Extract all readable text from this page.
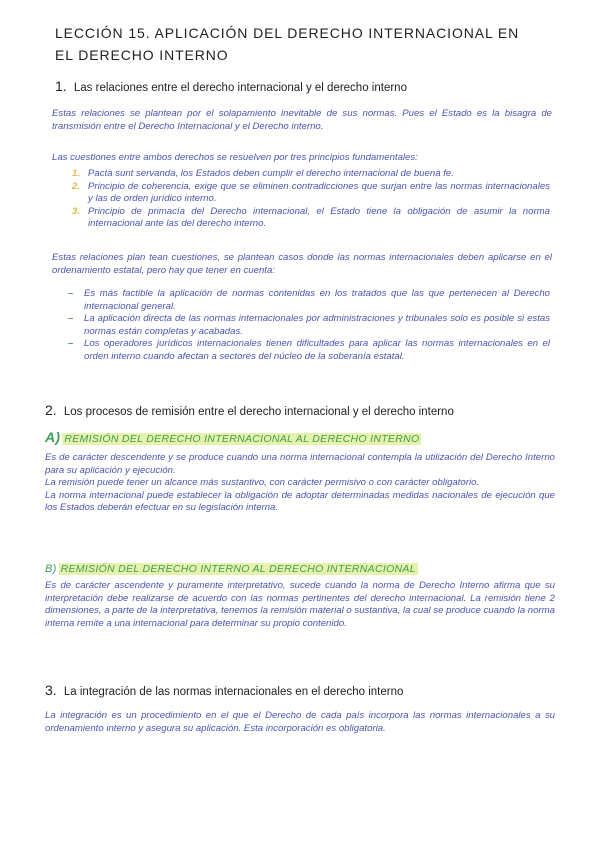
LECCIÓN 15. APLICACIÓN DEL DERECHO INTERNACIONAL EN EL DERECHO INTERNO
1. Las relaciones entre el derecho internacional y el derecho interno

Estas relaciones se plantean por el solapamiento inevitable de sus normas. Pues el Estado es la bisagra de transmisión entre el Derecho Internacional y el Derecho interno.

Las cuestiones entre ambos derechos se resuelven por tres principios fundamentales:

1. Pacta sunt servanda, los Estados deben cumplir el derecho internacional de buena fe.
2. Principio de coherencia, exige que se eliminen contradicciones que surjan entre las normas internacionales y las de orden jurídico interno.
3. Principio de primacía del Derecho internacional, el Estado tiene la obligación de asumir la norma internacional ante las del derecho interno.

Estas relaciones plan tean cuestiones, se plantean casos donde las normas internacionales deben aplicarse en el ordenamiento estatal, pero hay que tener en cuenta:

– Es más factible la aplicación de normas contenidas en los tratados que las que pertenecen al Derecho internacional general.
– La aplicación directa de las normas internacionales por administraciones y tribunales solo es posible si estas normas están completas y acabadas.
– Los operadores jurídicos internacionales tienen dificultades para aplicar las normas internacionales en el orden interno cuando afectan a sectores del núcleo de la soberanía estatal.
2. Los procesos de remisión entre el derecho internacional y el derecho interno
A) REMISIÓN DEL DERECHO INTERNACIONAL AL DERECHO INTERNO
Es de carácter descendente y se produce cuando una norma internacional contempla la utilización del Derecho Interno para su aplicación y ejecución.
La remisión puede tener un alcance más sustantivo, con carácter permisivo o con carácter obligatorio.
La norma internacional puede establecer la obligación de adoptar determinadas medidas nacionales de ejecución que los Estados deberán efectuar en su legislación interna.
B) REMISIÓN DEL DERECHO INTERNO AL DERECHO INTERNACIONAL

Es de carácter ascendente y puramente interpretativo, sucede cuando la norma de Derecho Interno afirma que su interpretación debe realizarse de acuerdo con las normas pertinentes del derecho internacional. La remisión tiene 2 dimensiones, a parte de la interpretativa, tenemos la remisión material o sustantiva, la cual se produce cuando la norma interna remite a una internacional para determinar su propio contenido.

3. La integración de las normas internacionales en el derecho interno

La integración es un procedimiento en el que el Derecho de cada país incorpora las normas internacionales a su ordenamiento interno y asegura su aplicación. Esta incorporación es obligatoria.
